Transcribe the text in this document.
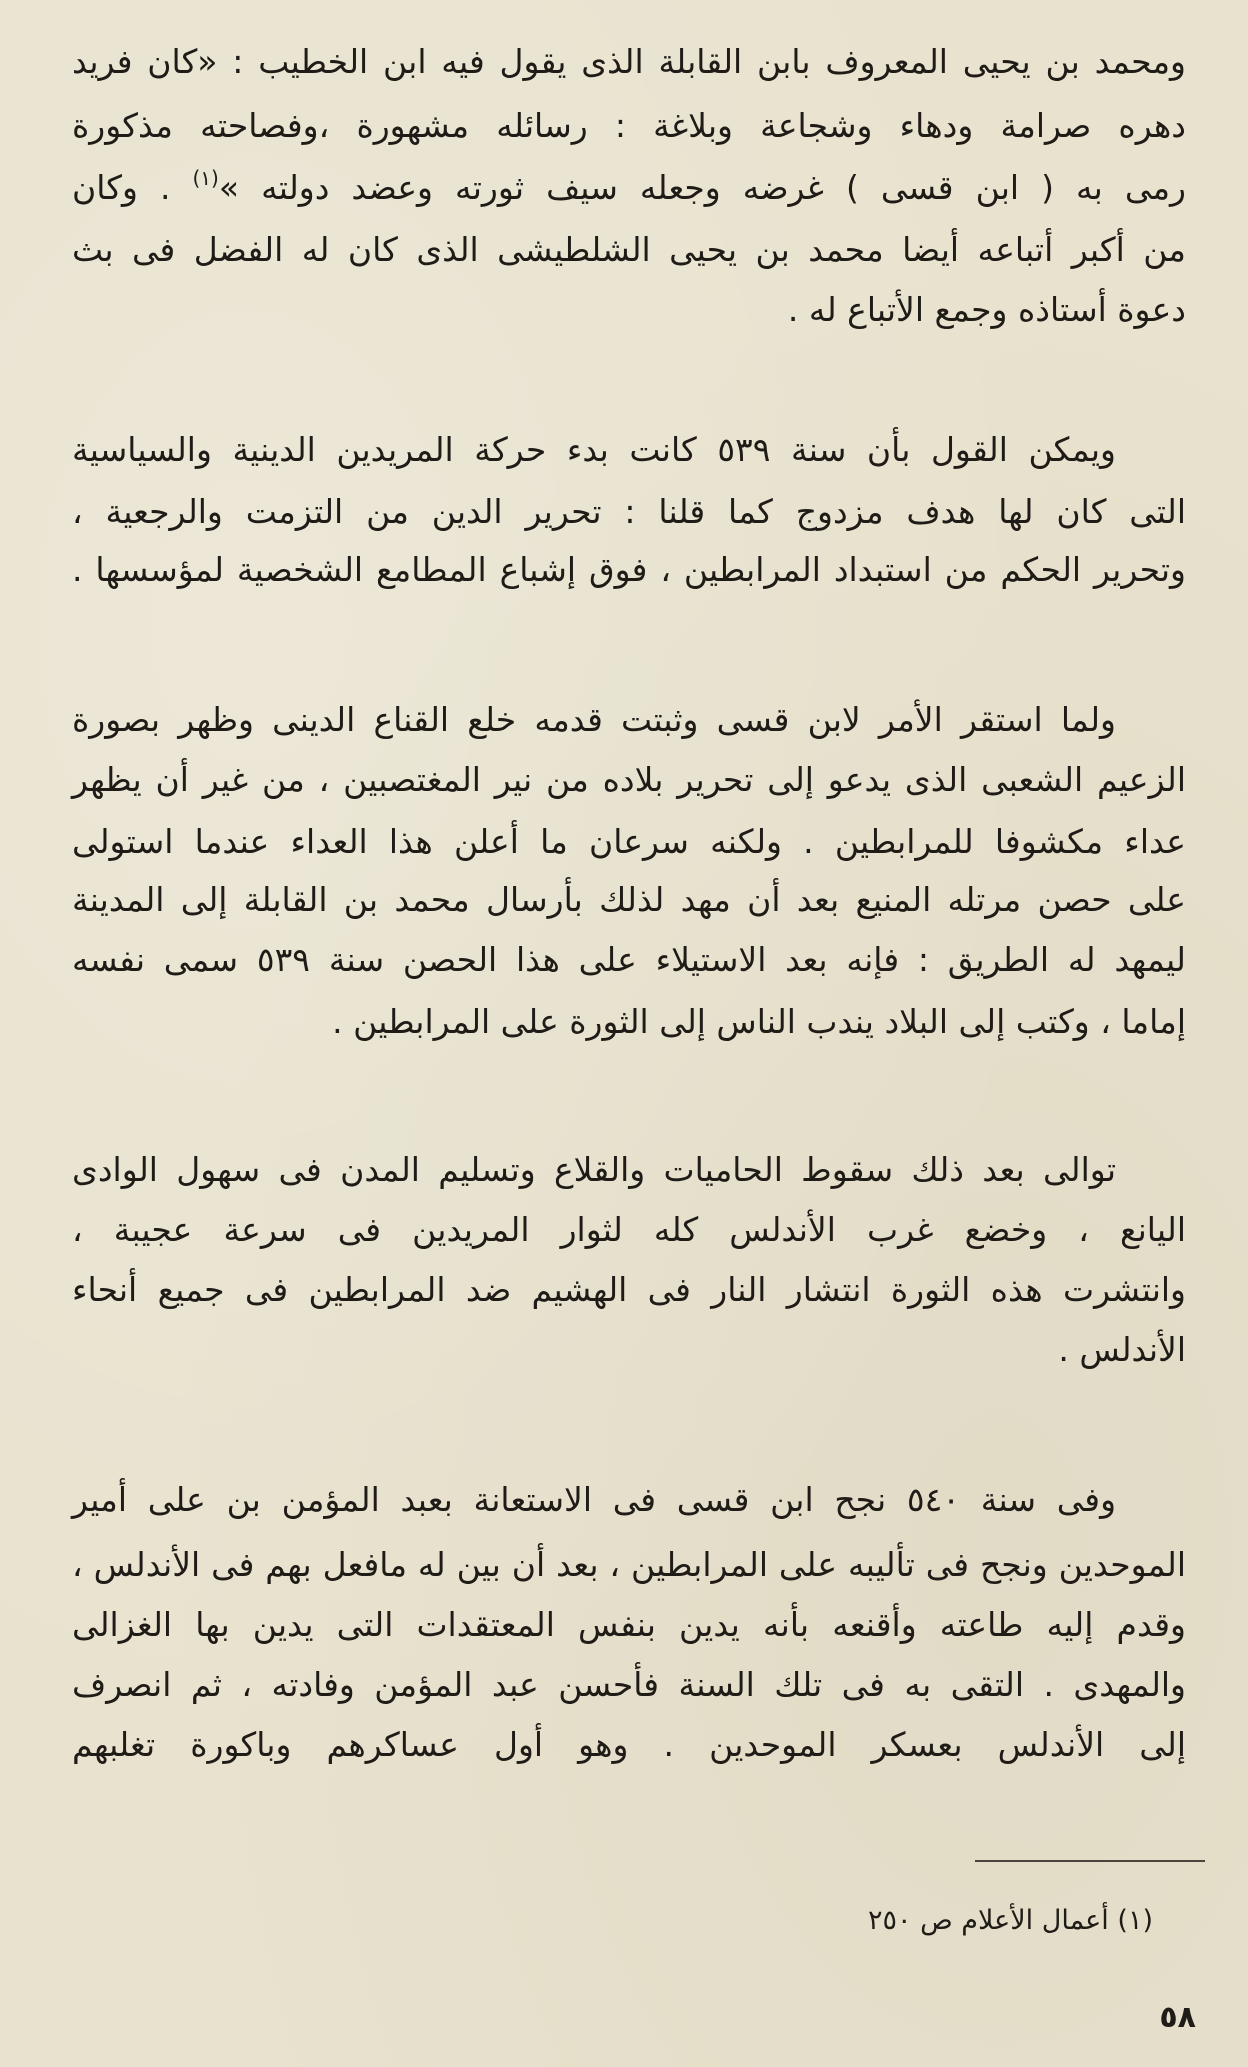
ومحمد بن يحيى المعروف بابن القابلة الذى يقول فيه ابن الخطيب : «كان فريد
دهره صرامة ودهاء وشجاعة وبلاغة : رسائله مشهورة ،وفصاحته مذكورة
رمى به ( ابن قسى ) غرضه وجعله سيف ثورته وعضد دولته »$^{(١)}$ . وكان
من أكبر أتباعه أيضا محمد بن يحيى الشلطيشى الذى كان له الفضل فى بث
دعوة أستاذه وجمع الأتباع له .
ويمكن القول بأن سنة ٥٣٩ كانت بدء حركة المريدين الدينية والسياسية
التى كان لها هدف مزدوج كما قلنا : تحرير الدين من التزمت والرجعية ،
وتحرير الحكم من استبداد المرابطين ، فوق إشباع المطامع الشخصية لمؤسسها .
ولما استقر الأمر لابن قسى وثبتت قدمه خلع القناع الدينى وظهر بصورة
الزعيم الشعبى الذى يدعو إلى تحرير بلاده من نير المغتصبين ، من غير أن يظهر
عداء مكشوفا للمرابطين . ولكنه سرعان ما أعلن هذا العداء عندما استولى
على حصن مرتله المنيع بعد أن مهد لذلك بأرسال محمد بن القابلة إلى المدينة
ليمهد له الطريق : فإنه بعد الاستيلاء على هذا الحصن سنة ٥٣٩ سمى نفسه
إماما ، وكتب إلى البلاد يندب الناس إلى الثورة على المرابطين .
توالى بعد ذلك سقوط الحاميات والقلاع وتسليم المدن فى سهول الوادى
اليانع ، وخضع غرب الأندلس كله لثوار المريدين فى سرعة عجيبة ،
وانتشرت هذه الثورة انتشار النار فى الهشيم ضد المرابطين فى جميع أنحاء
الأندلس .
وفى سنة ٥٤٠ نجح ابن قسى فى الاستعانة بعبد المؤمن بن على أمير
الموحدين ونجح فى تأليبه على المرابطين ، بعد أن بين له مافعل بهم فى الأندلس ،
وقدم إليه طاعته وأقنعه بأنه يدين بنفس المعتقدات التى يدين بها الغزالى
والمهدى . التقى به فى تلك السنة فأحسن عبد المؤمن وفادته ، ثم انصرف
إلى الأندلس بعسكر الموحدين . وهو أول عساكرهم وباكورة تغلبهم
(١) أعمال الأعلام ص ٢٥٠
٥٨
